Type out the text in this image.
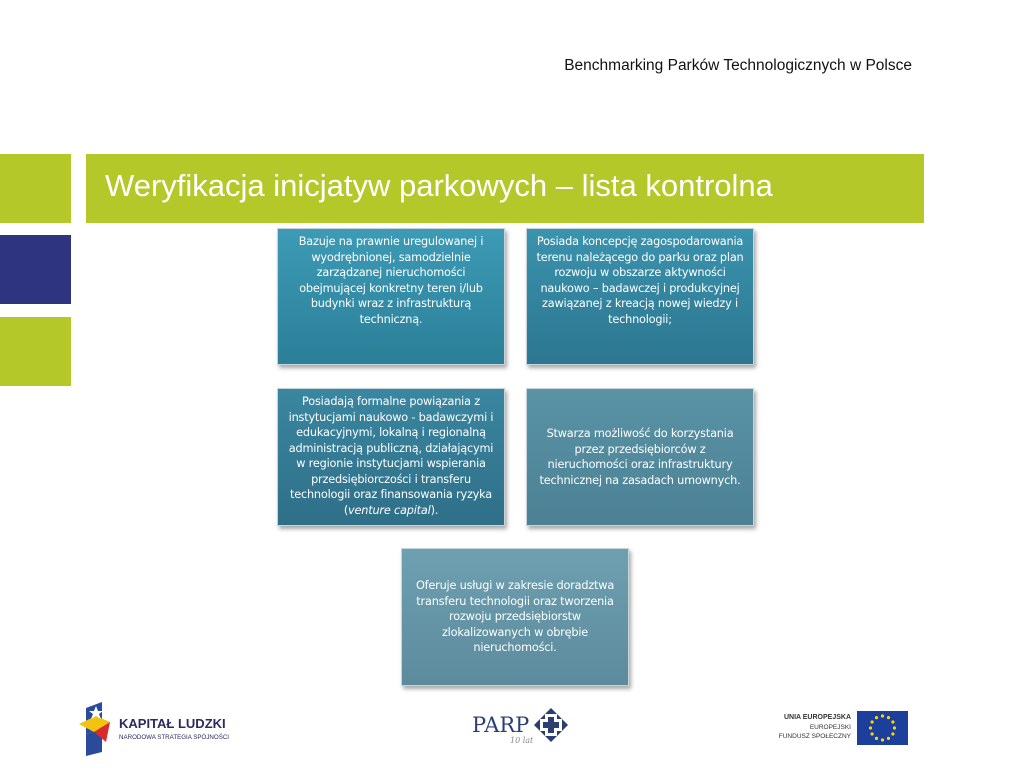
Benchmarking Parków Technologicznych w Polsce
Weryfikacja inicjatyw parkowych – lista kontrolna

Bazuje na prawnie uregulowanej i wyodrębnionej, samodzielnie zarządzanej nieruchomości obejmującej konkretny teren i/lub budynki wraz z infrastrukturą techniczną.

Posiada koncepcję zagospodarowania terenu należącego do parku oraz plan rozwoju w obszarze aktywności naukowo – badawczej i produkcyjnej zawiązanej z kreacją nowej wiedzy i technologii;

Posiadają formalne powiązania z instytucjami naukowo - badawczymi i edukacyjnymi, lokalną i regionalną administracją publiczną, działającymi w regionie instytucjami wspierania przedsiębiorczości i transferu technologii oraz finansowania ryzyka (venture capital).

Stwarza możliwość do korzystania przez przedsiębiorców z nieruchomości oraz infrastruktury technicznej na zasadach umownych.

Oferuje usługi w zakresie doradztwa transferu technologii oraz tworzenia rozwoju przedsiębiorstw zlokalizowanych w obrębie nieruchomości.

KAPITAŁ LUDZKI
NARODOWA STRATEGIA SPÓJNOŚCI
PARP
10 lat
UNIA EUROPEJSKA
EUROPEJSKI
FUNDUSZ SPOŁECZNY
